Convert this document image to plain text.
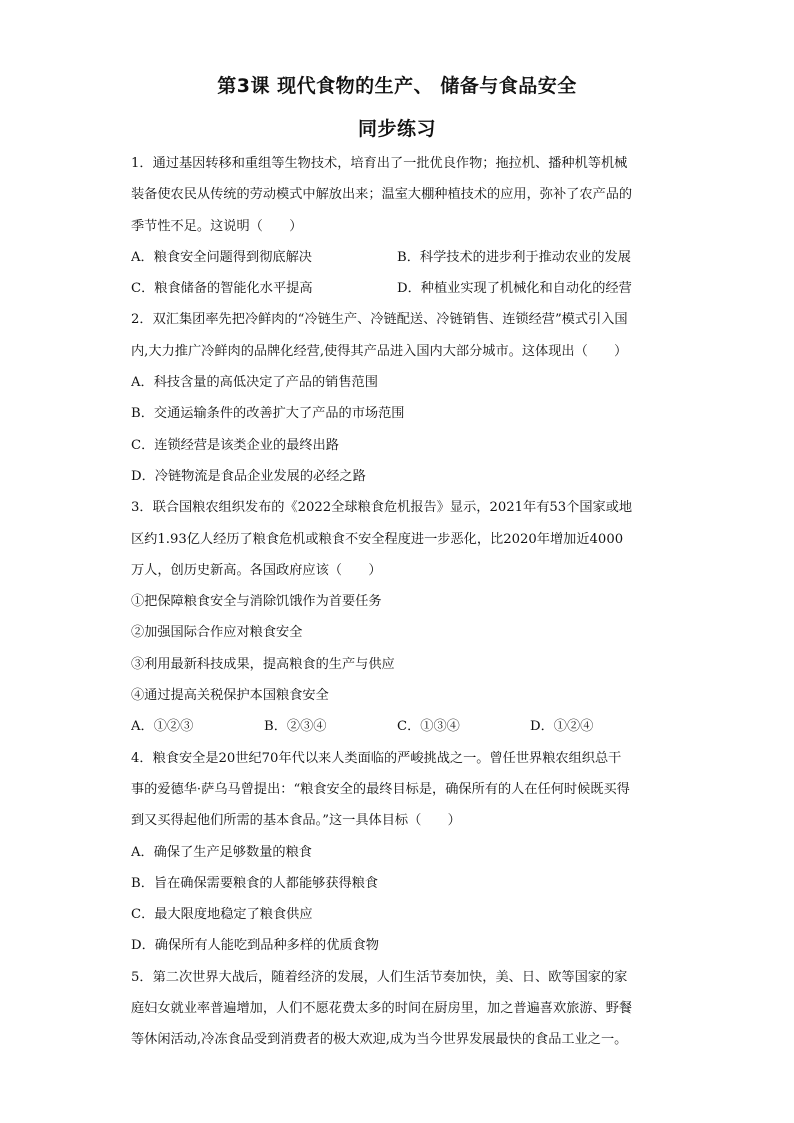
第3课 现代食物的生产、 储备与食品安全
同步练习
1．通过基因转移和重组等生物技术，培育出了一批优良作物；拖拉机、播种机等机械
装备使农民从传统的劳动模式中解放出来；温室大棚种植技术的应用，弥补了农产品的
季节性不足。这说明（　　）
A．粮食安全问题得到彻底解决	B．科学技术的进步利于推动农业的发展
C．粮食储备的智能化水平提高	D．种植业实现了机械化和自动化的经营
2．双汇集团率先把冷鲜肉的“冷链生产、冷链配送、冷链销售、连锁经营”模式引入国
内,大力推广冷鲜肉的品牌化经营,使得其产品进入国内大部分城市。这体现出（　　）
A．科技含量的高低决定了产品的销售范围
B．交通运输条件的改善扩大了产品的市场范围
C．连锁经营是该类企业的最终出路
D．冷链物流是食品企业发展的必经之路
3．联合国粮农组织发布的《2022全球粮食危机报告》显示，2021年有53个国家或地
区约1.93亿人经历了粮食危机或粮食不安全程度进一步恶化，比2020年增加近4000
万人，创历史新高。各国政府应该（　　）
①把保障粮食安全与消除饥饿作为首要任务
②加强国际合作应对粮食安全
③利用最新科技成果，提高粮食的生产与供应
④通过提高关税保护本国粮食安全
A．①②③	B．②③④	C．①③④	D．①②④
4．粮食安全是20世纪70年代以来人类面临的严峻挑战之一。曾任世界粮农组织总干
事的爱德华·萨乌马曾提出：“粮食安全的最终目标是，确保所有的人在任何时候既买得
到又买得起他们所需的基本食品。”这一具体目标（　　）
A．确保了生产足够数量的粮食
B．旨在确保需要粮食的人都能够获得粮食
C．最大限度地稳定了粮食供应
D．确保所有人能吃到品种多样的优质食物
5．第二次世界大战后，随着经济的发展，人们生活节奏加快，美、日、欧等国家的家
庭妇女就业率普遍增加，人们不愿花费太多的时间在厨房里，加之普遍喜欢旅游、野餐
等休闲活动,冷冻食品受到消费者的极大欢迎,成为当今世界发展最快的食品工业之一。
